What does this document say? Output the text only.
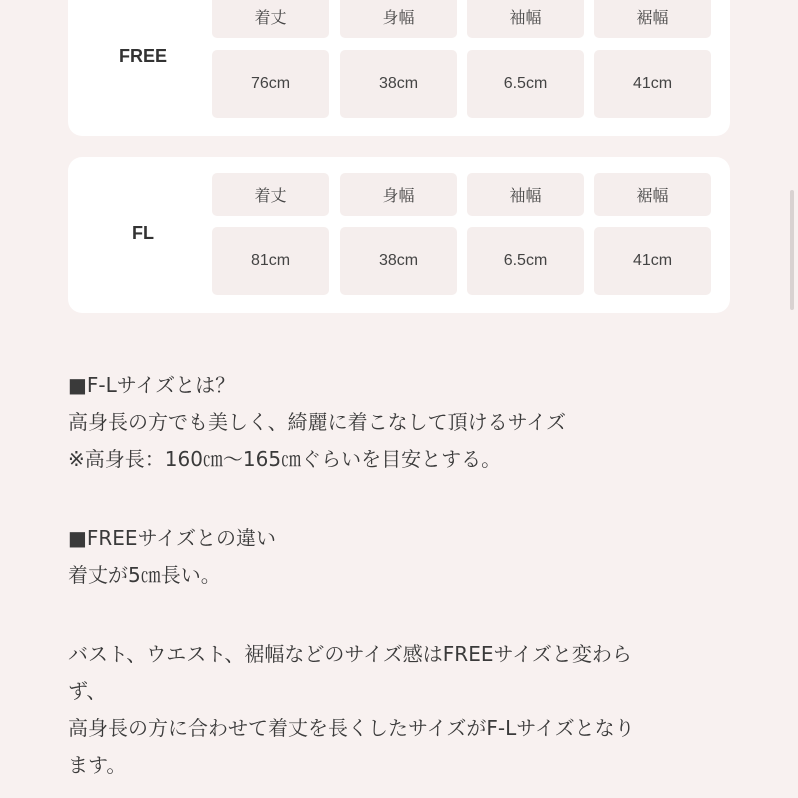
FREE
着丈	身幅	袖幅	裾幅
76cm	38cm	6.5cm	41cm
FL
着丈	身幅	袖幅	裾幅
81cm	38cm	6.5cm	41cm
■F-Lサイズとは？
高身長の方でも美しく、綺麗に着こなして頂けるサイズ
※高身長：160㎝〜165㎝ぐらいを目安とする。
■FREEサイズとの違い
着丈が5㎝長い。
バスト、ウエスト、裾幅などのサイズ感はFREEサイズと変わら
ず、
高身長の方に合わせて着丈を長くしたサイズがF-Lサイズとなり
ます。
